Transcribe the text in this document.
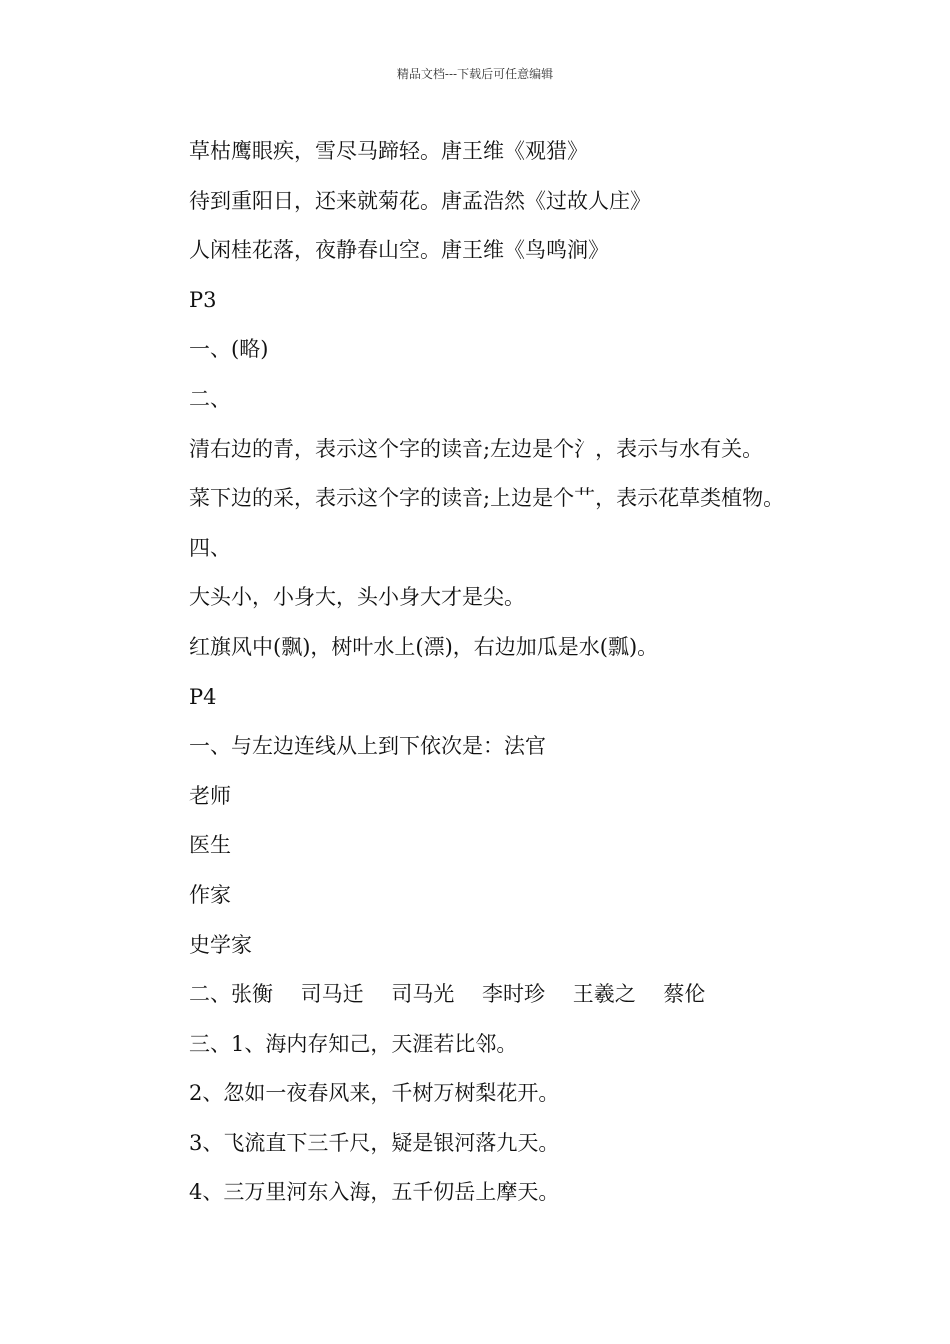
精品文档---下载后可任意编辑
草枯鹰眼疾，雪尽马蹄轻。唐王维《观猎》
待到重阳日，还来就菊花。唐孟浩然《过故人庄》
人闲桂花落，夜静春山空。唐王维《鸟鸣涧》
P3
一、(略)
二、
清右边的青，表示这个字的读音;左边是个氵，表示与水有关。
菜下边的采，表示这个字的读音;上边是个艹，表示花草类植物。
四、
大头小，小身大，头小身大才是尖。
红旗风中(飘)，树叶水上(漂)，右边加瓜是水(瓢)。
P4
一、与左边连线从上到下依次是：法官
老师
医生
作家
史学家
二、张衡　 司马迁　 司马光　 李时珍　 王羲之　 蔡伦
三、1、海内存知己，天涯若比邻。
2、忽如一夜春风来，千树万树梨花开。
3、飞流直下三千尺，疑是银河落九天。
4、三万里河东入海，五千仞岳上摩天。
